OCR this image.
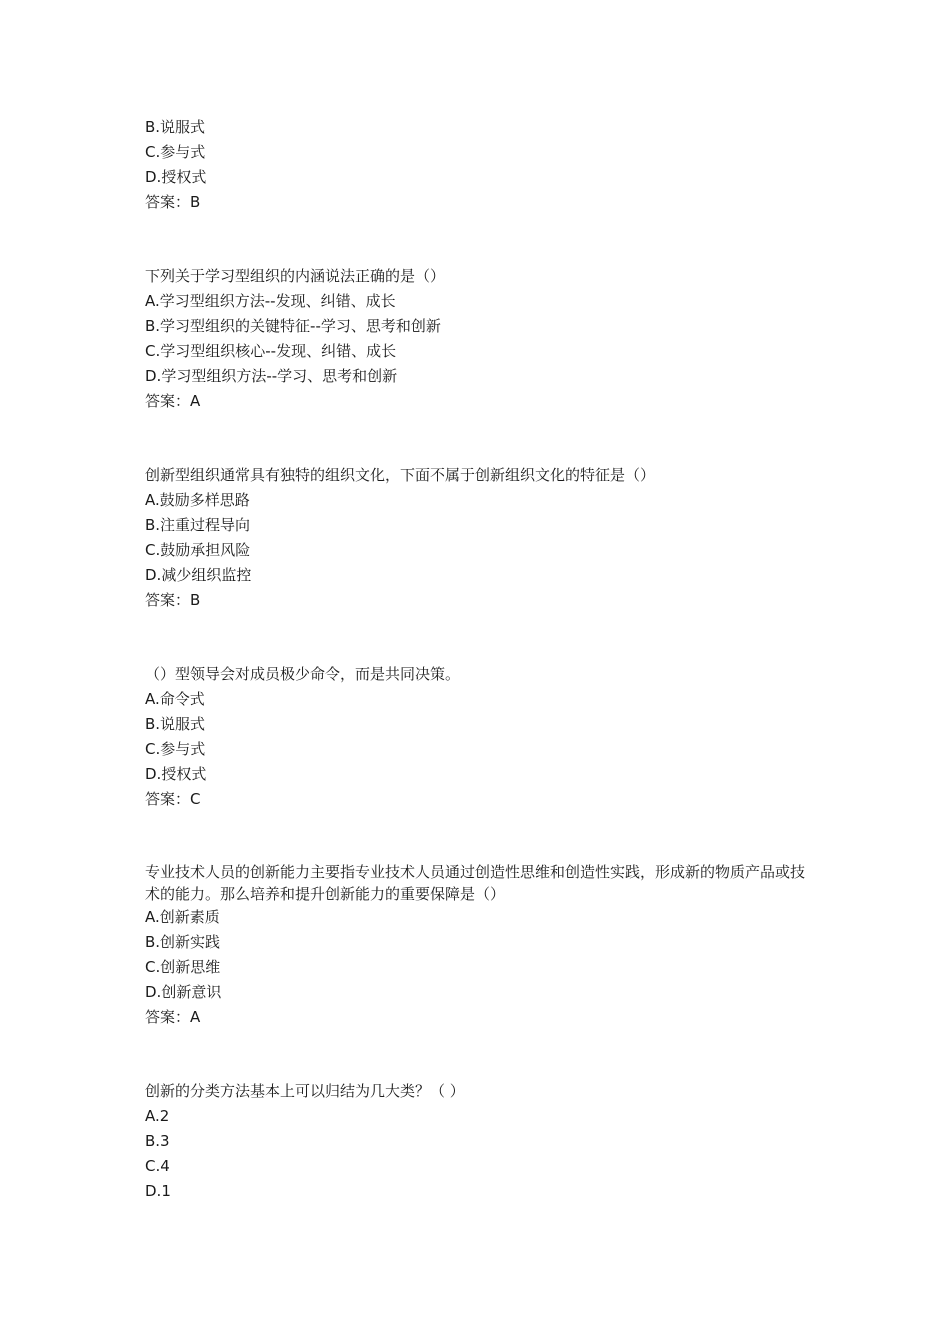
B.说服式
C.参与式
D.授权式
答案：B
下列关于学习型组织的内涵说法正确的是（）
A.学习型组织方法--发现、纠错、成长
B.学习型组织的关键特征--学习、思考和创新
C.学习型组织核心--发现、纠错、成长
D.学习型组织方法--学习、思考和创新
答案：A
创新型组织通常具有独特的组织文化，下面不属于创新组织文化的特征是（）
A.鼓励多样思路
B.注重过程导向
C.鼓励承担风险
D.减少组织监控
答案：B
（）型领导会对成员极少命令，而是共同决策。
A.命令式
B.说服式
C.参与式
D.授权式
答案：C
专业技术人员的创新能力主要指专业技术人员通过创造性思维和创造性实践，形成新的物质产品或技术的能力。那么培养和提升创新能力的重要保障是（）
A.创新素质
B.创新实践
C.创新思维
D.创新意识
答案：A
创新的分类方法基本上可以归结为几大类？（ ）
A.2
B.3
C.4
D.1
